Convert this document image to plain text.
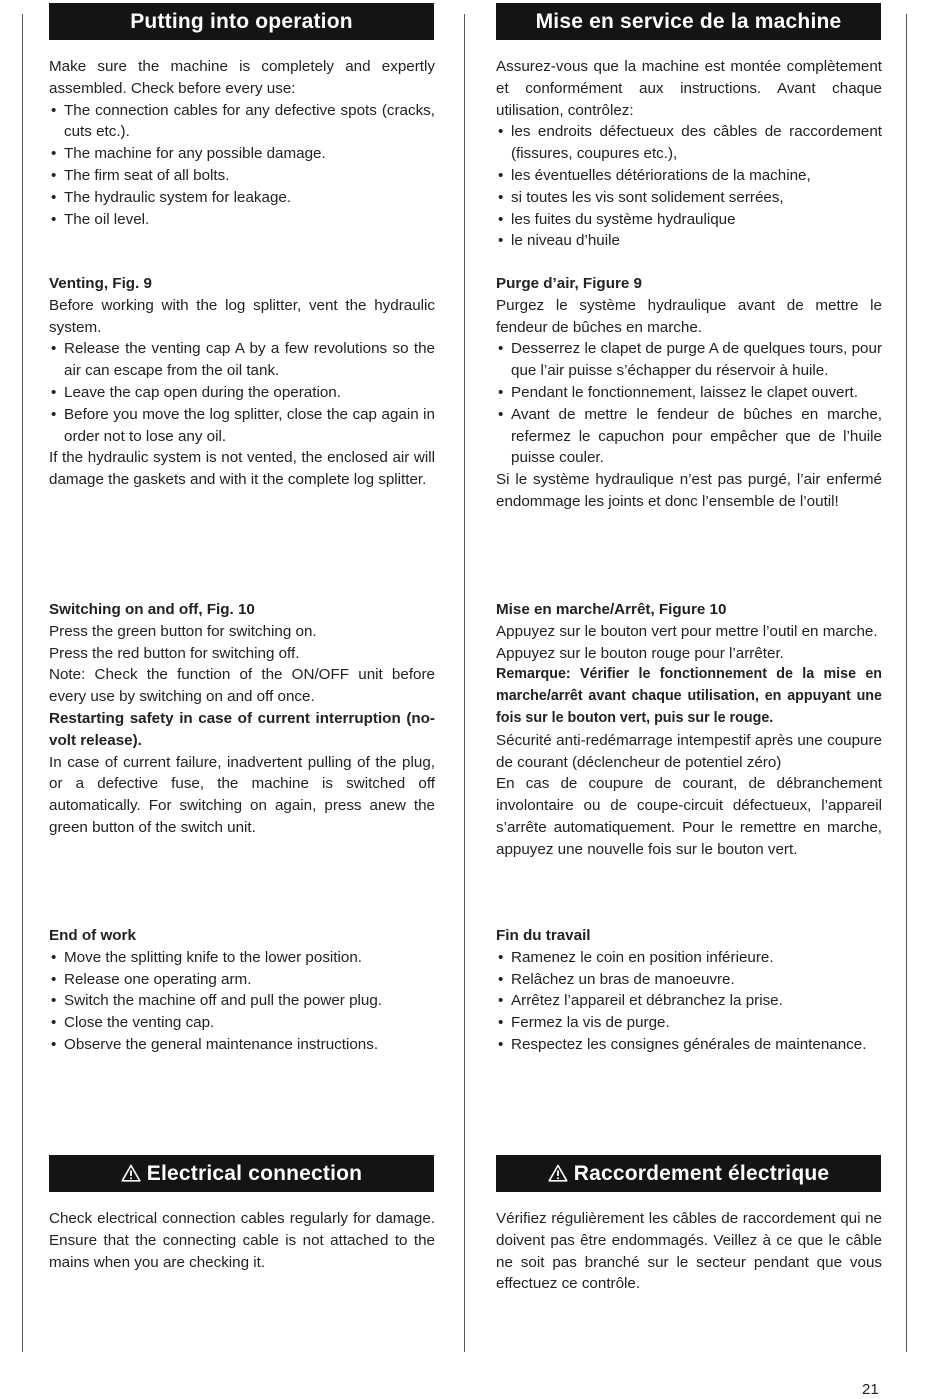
Putting into operation

Make sure the machine is completely and expertly assembled. Check before every use:

• The connection cables for any defective spots (cracks, cuts etc.).
• The machine for any possible damage.
• The firm seat of all bolts.
• The hydraulic system for leakage.
• The oil level.

Venting, Fig. 9

Before working with the log splitter, vent the hydraulic system.

• Release the venting cap A by a few revolutions so the air can escape from the oil tank.
• Leave the cap open during the operation.
• Before you move the log splitter, close the cap again in order not to lose any oil.

If the hydraulic system is not vented, the enclosed air will damage the gaskets and with it the complete log splitter.

Switching on and off, Fig. 10

Press the green button for switching on.

Press the red button for switching off.

Note: Check the function of the ON/OFF unit before every use by switching on and off once.

Restarting safety in case of current interruption (no-volt release).

In case of current failure, inadvertent pulling of the plug, or a defective fuse, the machine is switched off automatically. For switching on again, press anew the green button of the switch unit.

End of work

• Move the splitting knife to the lower position.
• Release one operating arm.
• Switch the machine off and pull the power plug.
• Close the venting cap.
• Observe the general maintenance instructions.
Electrical connection

Check electrical connection cables regularly for damage. Ensure that the connecting cable is not attached to the mains when you are checking it.

Mise en service de la machine

Assurez-vous que la machine est montée complètement et conformément aux instructions. Avant chaque utilisation, contrôlez:

• les endroits défectueux des câbles de raccordement (fissures, coupures etc.),
• les éventuelles détériorations de la machine,
• si toutes les vis sont solidement serrées,
• les fuites du système hydraulique
• le niveau d’huile

Purge d’air, Figure 9

Purgez le système hydraulique avant de mettre le fendeur de bûches en marche.

• Desserrez le clapet de purge A de quelques tours, pour que l’air puisse s’échapper du réservoir à huile.
• Pendant le fonctionnement, laissez le clapet ouvert.
• Avant de mettre le fendeur de bûches en marche, refermez le capuchon pour empêcher que de l’huile puisse couler.

Si le système hydraulique n’est pas purgé, l’air enfermé endommage les joints et donc l’ensemble de l’outil!

Mise en marche/Arrêt, Figure 10

Appuyez sur le bouton vert pour mettre l’outil en marche.

Appuyez sur le bouton rouge pour l’arrêter.

Remarque: Vérifier le fonctionnement de la mise en marche/arrêt avant chaque utilisation, en appuyant une fois sur le bouton vert, puis sur le rouge.

Sécurité anti-redémarrage intempestif après une coupure de courant (déclencheur de potentiel zéro)

En cas de coupure de courant, de débranchement involontaire ou de coupe-circuit défectueux, l’appareil s’arrête automatiquement. Pour le remettre en marche, appuyez une nouvelle fois sur le bouton vert.

Fin du travail

• Ramenez le coin en position inférieure.
• Relâchez un bras de manoeuvre.
• Arrêtez l’appareil et débranchez la prise.
• Fermez la vis de purge.
• Respectez les consignes générales de maintenance.
Raccordement électrique

Vérifiez régulièrement les câbles de raccordement qui ne doivent pas être endommagés. Veillez à ce que le câble ne soit pas branché sur le secteur pendant que vous effectuez ce contrôle.

21
